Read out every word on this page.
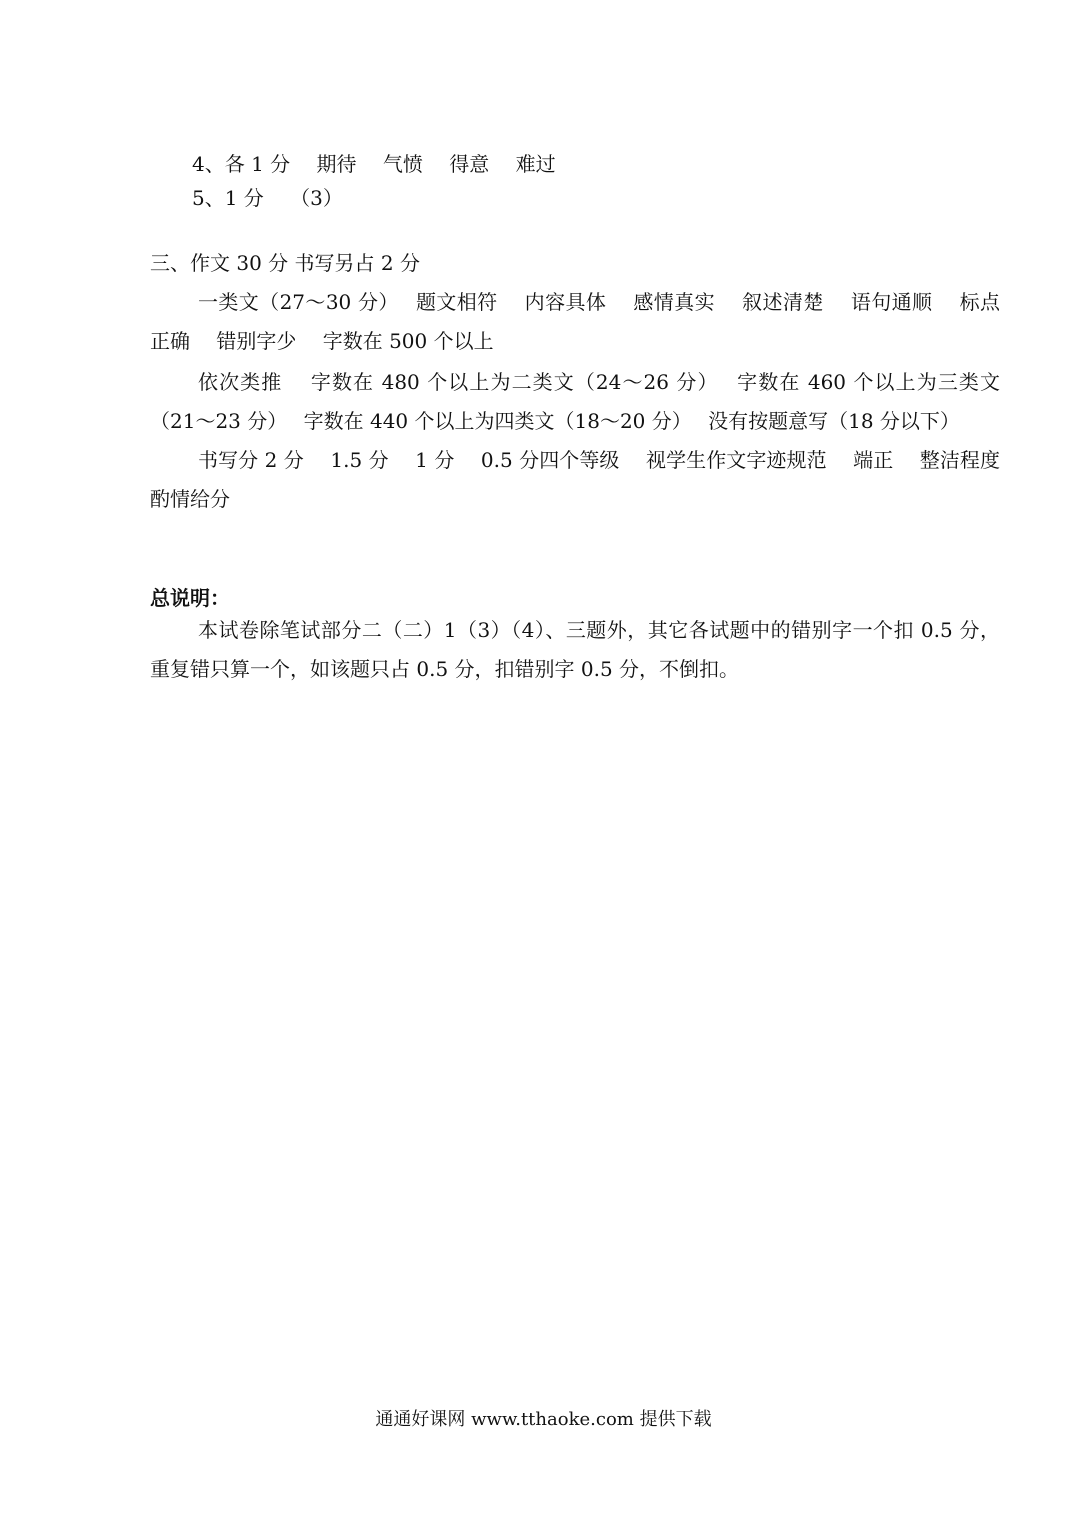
4、各 1 分　 期待　 气愤　 得意　 难过

5、1 分　 （3）

三、作文 30 分 书写另占 2 分

一类文（27～30 分）　 题文相符　 内容具体　 感情真实　 叙述清楚　 语句通顺　 标点正确　 错别字少　 字数在 500 个以上

依次类推　 字数在 480 个以上为二类文（24～26 分）　 字数在 460 个以上为三类文（21～23 分）　 字数在 440 个以上为四类文（18～20 分）　 没有按题意写（18 分以下）

书写分 2 分　 1.5 分　 1 分　 0.5 分四个等级　 视学生作文字迹规范　 端正　 整洁程度酌情给分

总说明：

本试卷除笔试部分二（二）1（3）（4）、三题外，其它各试题中的错别字一个扣 0.5 分，重复错只算一个，如该题只占 0.5 分，扣错别字 0.5 分，不倒扣。

通通好课网 www.tthaoke.com 提供下载
